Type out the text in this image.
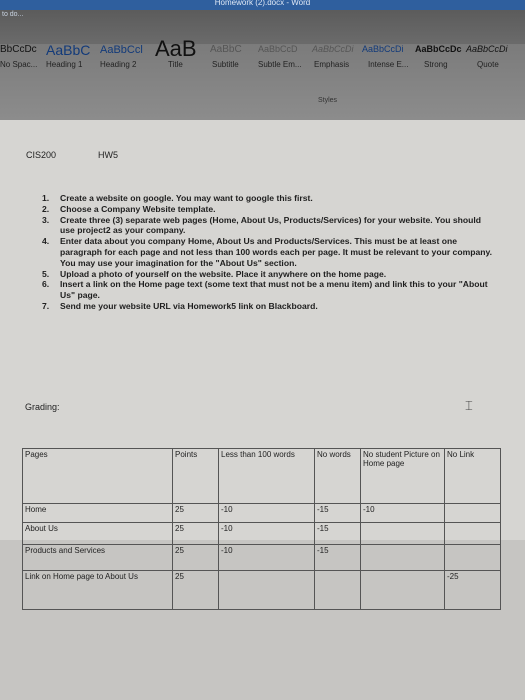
Homework (2).docx - Word
to do...
BbCcDc
No Spac...
AaBbC
Heading 1
AaBbCcl
Heading 2
AaB
Title
AaBbC
Subtitle
AaBbCcD
Subtle Em...
AaBbCcDi
Emphasis
AaBbCcDi
Intense E...
AaBbCcDc
Strong
AaBbCcDi
Quote
Styles
CIS200	HW5
1. Create a website on google. You may want to google this first.
2. Choose a Company Website template.
3. Create three (3) separate web pages (Home, About Us, Products/Services) for your website. You should use project2 as your company.
4. Enter data about you company Home, About Us and Products/Services. This must be at least one paragraph for each page and not less than 100 words each per page. It must be relevant to your company. You may use your imagination for the "About Us" section.
5. Upload a photo of yourself on the website. Place it anywhere on the home page.
6. Insert a link on the Home page text (some text that must not be a menu item) and link this to your "About Us" page.
7. Send me your website URL via Homework5 link on Blackboard.
Grading:	⌶
Pages	Points	Less than 100 words	No words	No student Picture on Home page	No Link
Home	25	-10	-15	-10	
About Us	25	-10	-15		
Products and Services	25	-10	-15		
Link on Home page to About Us	25				-25
